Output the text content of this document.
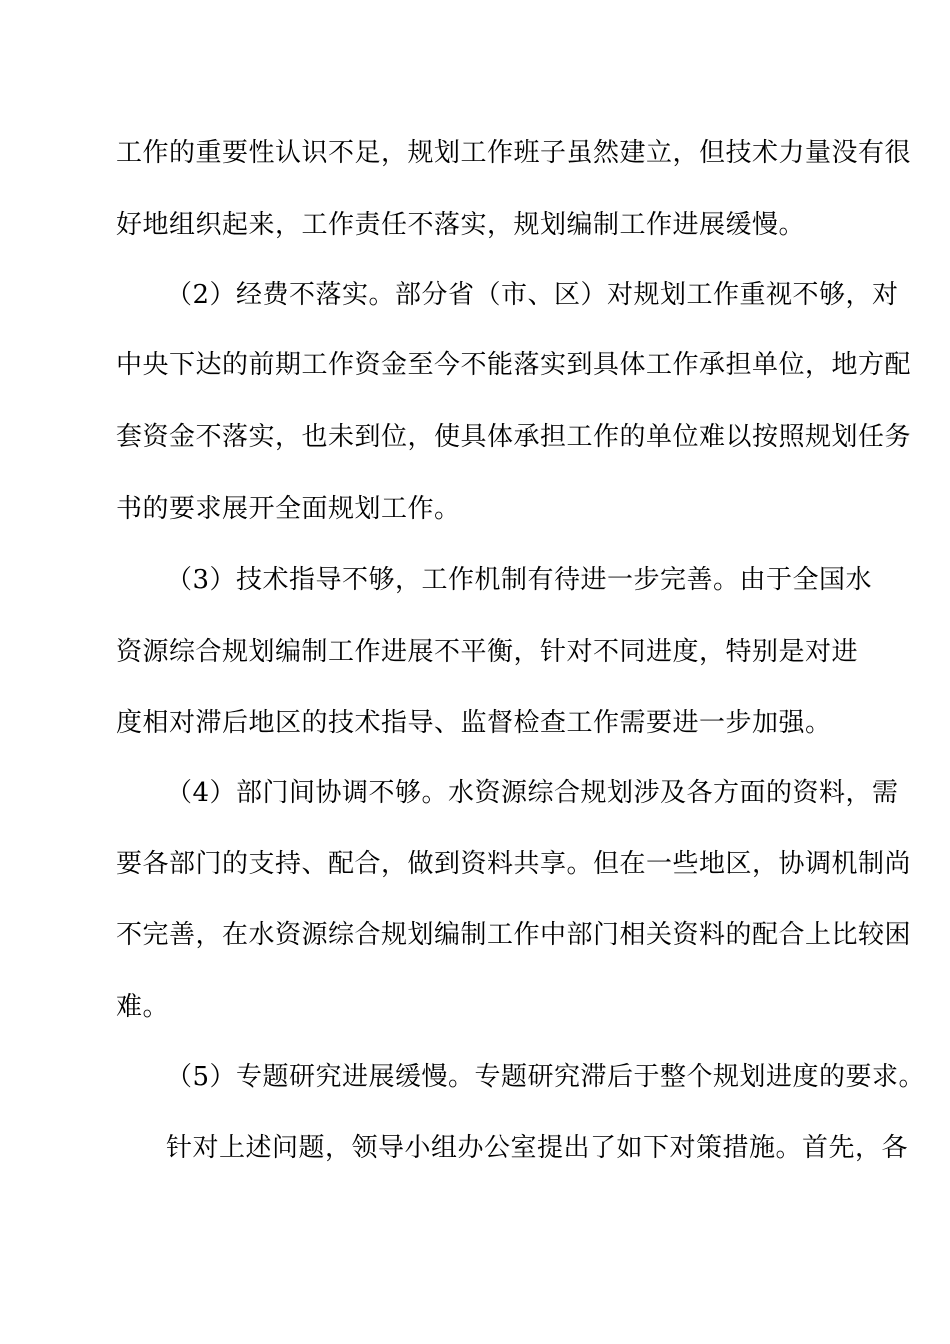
工作的重要性认识不足，规划工作班子虽然建立，但技术力量没有很
好地组织起来，工作责任不落实，规划编制工作进展缓慢。
（2）经费不落实。部分省（市、区）对规划工作重视不够，对
中央下达的前期工作资金至今不能落实到具体工作承担单位，地方配
套资金不落实，也未到位，使具体承担工作的单位难以按照规划任务
书的要求展开全面规划工作。
（3）技术指导不够，工作机制有待进一步完善。由于全国水
资源综合规划编制工作进展不平衡，针对不同进度，特别是对进
度相对滞后地区的技术指导、监督检查工作需要进一步加强。
（4）部门间协调不够。水资源综合规划涉及各方面的资料，需
要各部门的支持、配合，做到资料共享。但在一些地区，协调机制尚
不完善，在水资源综合规划编制工作中部门相关资料的配合上比较困
难。
（5）专题研究进展缓慢。专题研究滞后于整个规划进度的要求。
针对上述问题，领导小组办公室提出了如下对策措施。首先，各
